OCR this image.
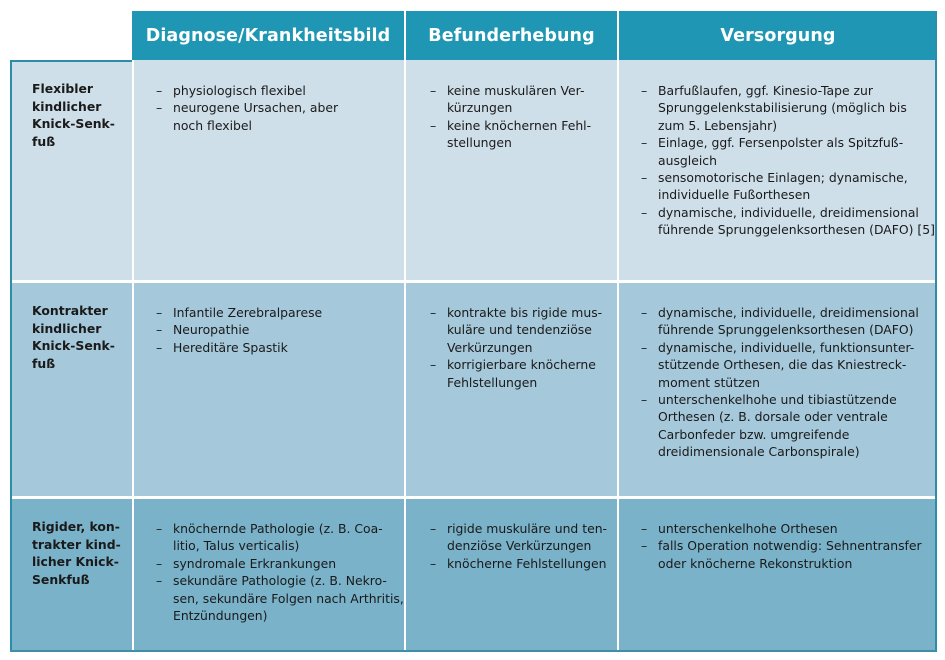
Diagnose/Krankheitsbild	Befunderhebung	Versorgung
Flexibler
kindlicher
Knick-Senk-
fuß
– physiologisch flexibel
– neurogene Ursachen, aber
noch flexibel
– keine muskulären Ver-
kürzungen
– keine knöchernen Fehl-
stellungen
– Barfußlaufen, ggf. Kinesio-Tape zur
Sprunggelenkstabilisierung (möglich bis
zum 5. Lebensjahr)
– Einlage, ggf. Fersenpolster als Spitzfuß-
ausgleich
– sensomotorische Einlagen; dynamische,
individuelle Fußorthesen
– dynamische, individuelle, dreidimensional
führende Sprunggelenksorthesen (DAFO) [5]
Kontrakter
kindlicher
Knick-Senk-
fuß
– Infantile Zerebralparese
– Neuropathie
– Hereditäre Spastik
– kontrakte bis rigide mus-
kuläre und tendenziöse
Verkürzungen
– korrigierbare knöcherne
Fehlstellungen
– dynamische, individuelle, dreidimensional
führende Sprunggelenksorthesen (DAFO)
– dynamische, individuelle, funktionsunter-
stützende Orthesen, die das Kniestreck-
moment stützen
– unterschenkelhohe und tibiastützende
Orthesen (z. B. dorsale oder ventrale
Carbonfeder bzw. umgreifende
dreidimensionale Carbonspirale)
Rigider, kon-
trakter kind-
licher Knick-
Senkfuß
– knöchernde Pathologie (z. B. Coa-
litio, Talus verticalis)
– syndromale Erkrankungen
– sekundäre Pathologie (z. B. Nekro-
sen, sekundäre Folgen nach Arthritis,
Entzündungen)
– rigide muskuläre und ten-
denziöse Verkürzungen
– knöcherne Fehlstellungen
– unterschenkelhohe Orthesen
– falls Operation notwendig: Sehnentransfer
oder knöcherne Rekonstruktion
